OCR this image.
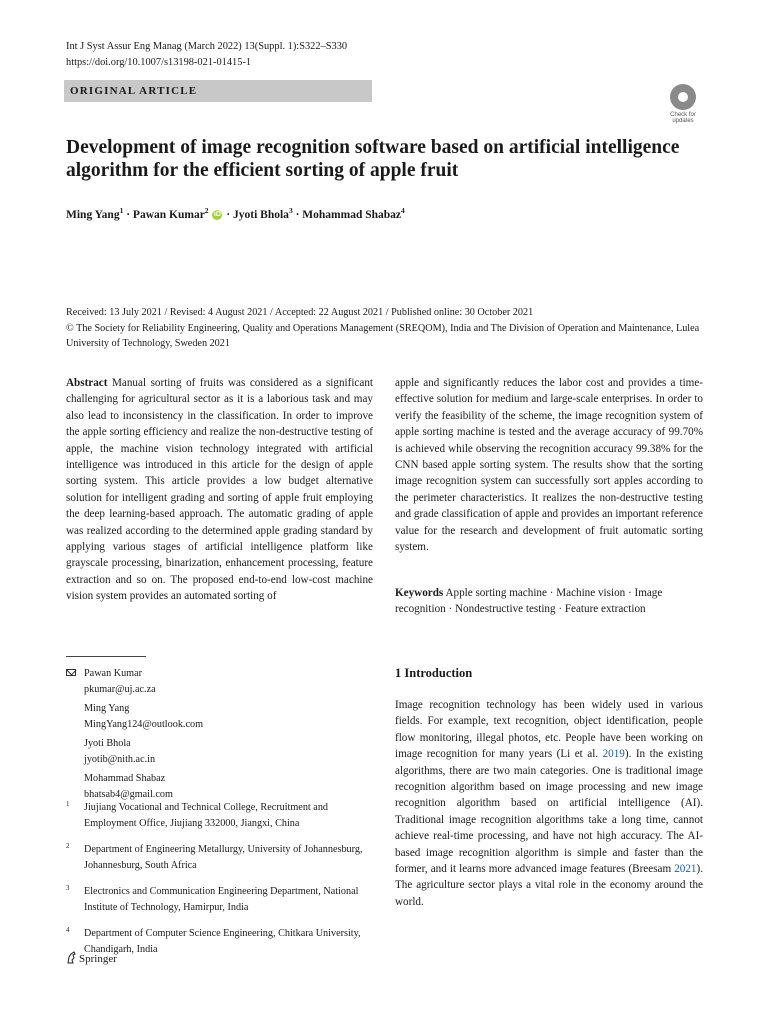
Int J Syst Assur Eng Manag (March 2022) 13(Suppl. 1):S322–S330
https://doi.org/10.1007/s13198-021-01415-1
ORIGINAL ARTICLE
Check for updates
Development of image recognition software based on artificial intelligence algorithm for the efficient sorting of apple fruit
Ming Yang$^1$ · Pawan Kumar$^2$ iD · Jyoti Bhola$^3$ · Mohammad Shabaz$^4$
Received: 13 July 2021 / Revised: 4 August 2021 / Accepted: 22 August 2021 / Published online: 30 October 2021
© The Society for Reliability Engineering, Quality and Operations Management (SREQOM), India and The Division of Operation and Maintenance, Lulea University of Technology, Sweden 2021

Abstract Manual sorting of fruits was considered as a significant challenging for agricultural sector as it is a laborious task and may also lead to inconsistency in the classification. In order to improve the apple sorting efficiency and realize the non-destructive testing of apple, the machine vision technology integrated with artificial intelligence was introduced in this article for the design of apple sorting system. This article provides a low budget alternative solution for intelligent grading and sorting of apple fruit employing the deep learning-based approach. The automatic grading of apple was realized according to the determined apple grading standard by applying various stages of artificial intelligence platform like grayscale processing, binarization, enhancement processing, feature extraction and so on. The proposed end-to-end low-cost machine vision system provides an automated sorting of

apple and significantly reduces the labor cost and provides a time-effective solution for medium and large-scale enterprises. In order to verify the feasibility of the scheme, the image recognition system of apple sorting machine is tested and the average accuracy of 99.70% is achieved while observing the recognition accuracy 99.38% for the CNN based apple sorting system. The results show that the sorting image recognition system can successfully sort apples according to the perimeter characteristics. It realizes the non-destructive testing and grade classification of apple and provides an important reference value for the research and development of fruit automatic sorting system.

Keywords Apple sorting machine · Machine vision · Image recognition · Nondestructive testing · Feature extraction
Pawan Kumar
pkumar@uj.ac.za
Ming Yang
MingYang124@outlook.com
Jyoti Bhola
jyotib@nith.ac.in
Mohammad Shabaz
bhatsab4@gmail.com
1 Jiujiang Vocational and Technical College, Recruitment and Employment Office, Jiujiang 332000, Jiangxi, China
2 Department of Engineering Metallurgy, University of Johannesburg, Johannesburg, South Africa
3 Electronics and Communication Engineering Department, National Institute of Technology, Hamirpur, India
4 Department of Computer Science Engineering, Chitkara University, Chandigarh, India
1 Introduction
Image recognition technology has been widely used in various fields. For example, text recognition, object identification, people flow monitoring, illegal photos, etc. People have been working on image recognition for many years (Li et al. 2019). In the existing algorithms, there are two main categories. One is traditional image recognition algorithm based on image processing and new image recognition algorithm based on artificial intelligence (AI). Traditional image recognition algorithms take a long time, cannot achieve real-time processing, and have not high accuracy. The AI-based image recognition algorithm is simple and faster than the former, and it learns more advanced image features (Breesam 2021). The agriculture sector plays a vital role in the economy around the world.
Springer
